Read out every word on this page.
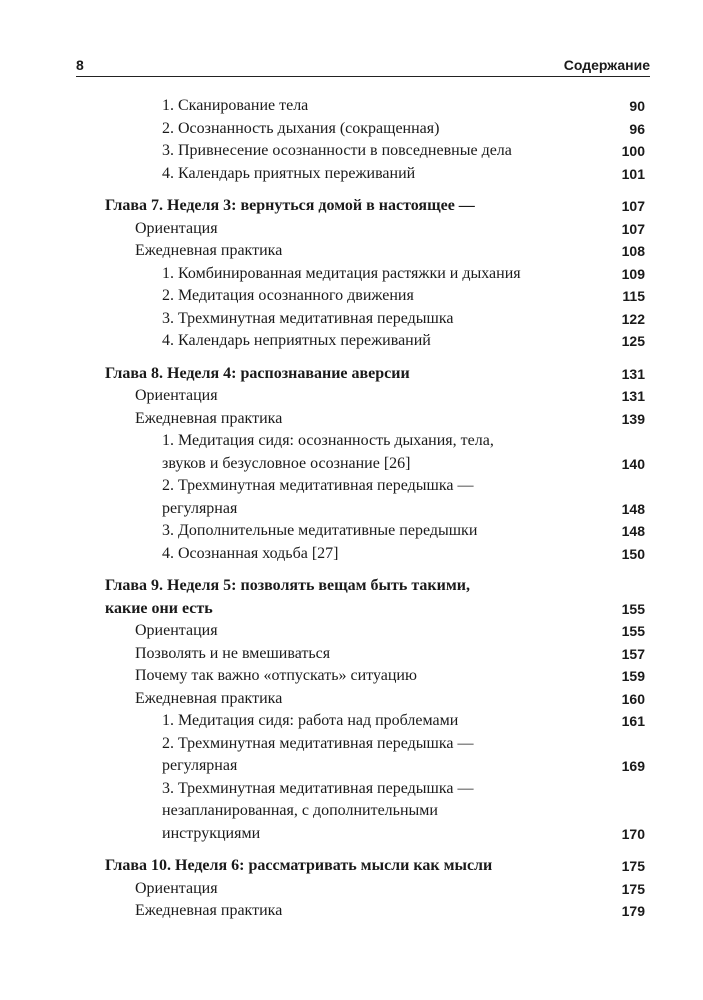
8	Содержание
1. Сканирование тела	90
2. Осознанность дыхания (сокращенная)	96
3. Привнесение осознанности в повседневные дела	100
4. Календарь приятных переживаний	101
Глава 7. Неделя 3: вернуться домой в настоящее —	107
Ориентация	107
Ежедневная практика	108
1. Комбинированная медитация растяжки и дыхания	109
2. Медитация осознанного движения	115
3. Трехминутная медитативная передышка	122
4. Календарь неприятных переживаний	125
Глава 8. Неделя 4: распознавание аверсии	131
Ориентация	131
Ежедневная практика	139
1. Медитация сидя: осознанность дыхания, тела,
звуков и безусловное осознание [26]	140
2. Трехминутная медитативная передышка —
регулярная	148
3. Дополнительные медитативные передышки	148
4. Осознанная ходьба [27]	150
Глава 9. Неделя 5: позволять вещам быть такими,
какие они есть	155
Ориентация	155
Позволять и не вмешиваться	157
Почему так важно «отпускать» ситуацию	159
Ежедневная практика	160
1. Медитация сидя: работа над проблемами	161
2. Трехминутная медитативная передышка —
регулярная	169
3. Трехминутная медитативная передышка —
незапланированная, с дополнительными
инструкциями	170
Глава 10. Неделя 6: рассматривать мысли как мысли	175
Ориентация	175
Ежедневная практика	179
